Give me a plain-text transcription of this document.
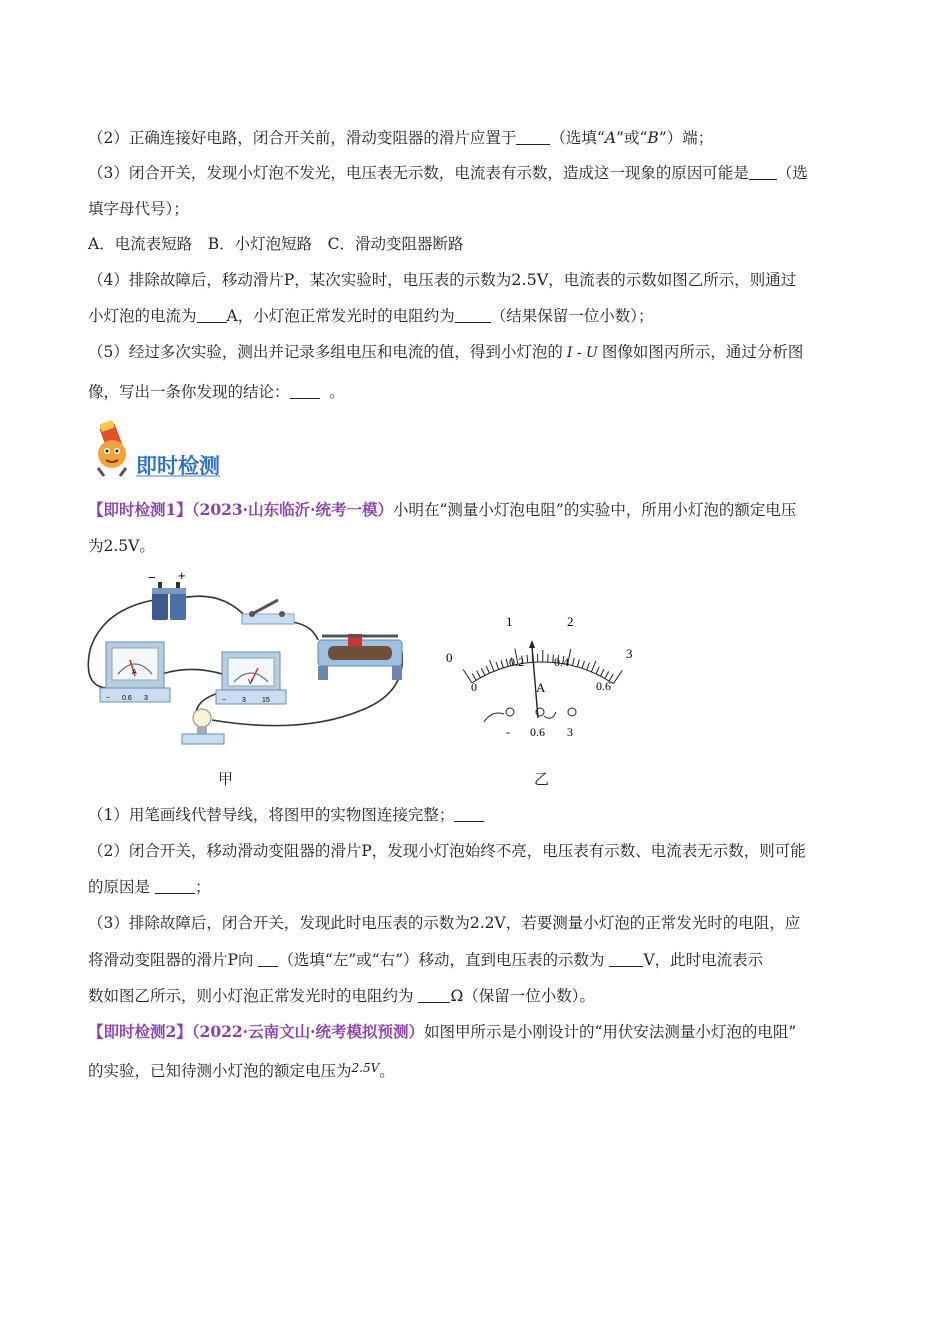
（2）正确连接好电路，闭合开关前，滑动变阻器的滑片应置于 （选填“A”或“B”）端；
（3）闭合开关，发现小灯泡不发光，电压表无示数，电流表有示数，造成这一现象的原因可能是 （选
填字母代号）；
A．电流表短路　B．小灯泡短路　C．滑动变阻器断路
（4）排除故障后，移动滑片P，某次实验时，电压表的示数为2.5V，电流表的示数如图乙所示，则通过
小灯泡的电流为 A，小灯泡正常发光时的电阻约为 （结果保留一位小数）；
（5）经过多次实验，测出并记录多组电压和电流的值，得到小灯泡的 I - U 图像如图丙所示，通过分析图
像，写出一条你发现的结论：	。
即时检测
【即时检测1】（2023·山东临沂·统考一模）小明在“测量小灯泡电阻”的实验中，所用小灯泡的额定电压
为2.5V。
− +
A
− 0.6 3
V
− 3 15
甲
0
1	2
3
0
0.2	0.4
0.6
A
- 0.6 3
乙
（1）用笔画线代替导线，将图甲的实物图连接完整；
（2）闭合开关，移动滑动变阻器的滑片P，发现小灯泡始终不亮，电压表有示数、电流表无示数，则可能
的原因是	；
（3）排除故障后，闭合开关，发现此时电压表的示数为2.2V，若要测量小灯泡的正常发光时的电阻，应
将滑动变阻器的滑片P向 （选填“左”或“右”）移动，直到电压表的示数为 V，此时电流表示
数如图乙所示，则小灯泡正常发光时的电阻约为 Ω（保留一位小数）。
【即时检测2】（2022·云南文山·统考模拟预测）如图甲所示是小刚设计的“用伏安法测量小灯泡的电阻”
的实验，已知待测小灯泡的额定电压为$^{2.5V}$。
